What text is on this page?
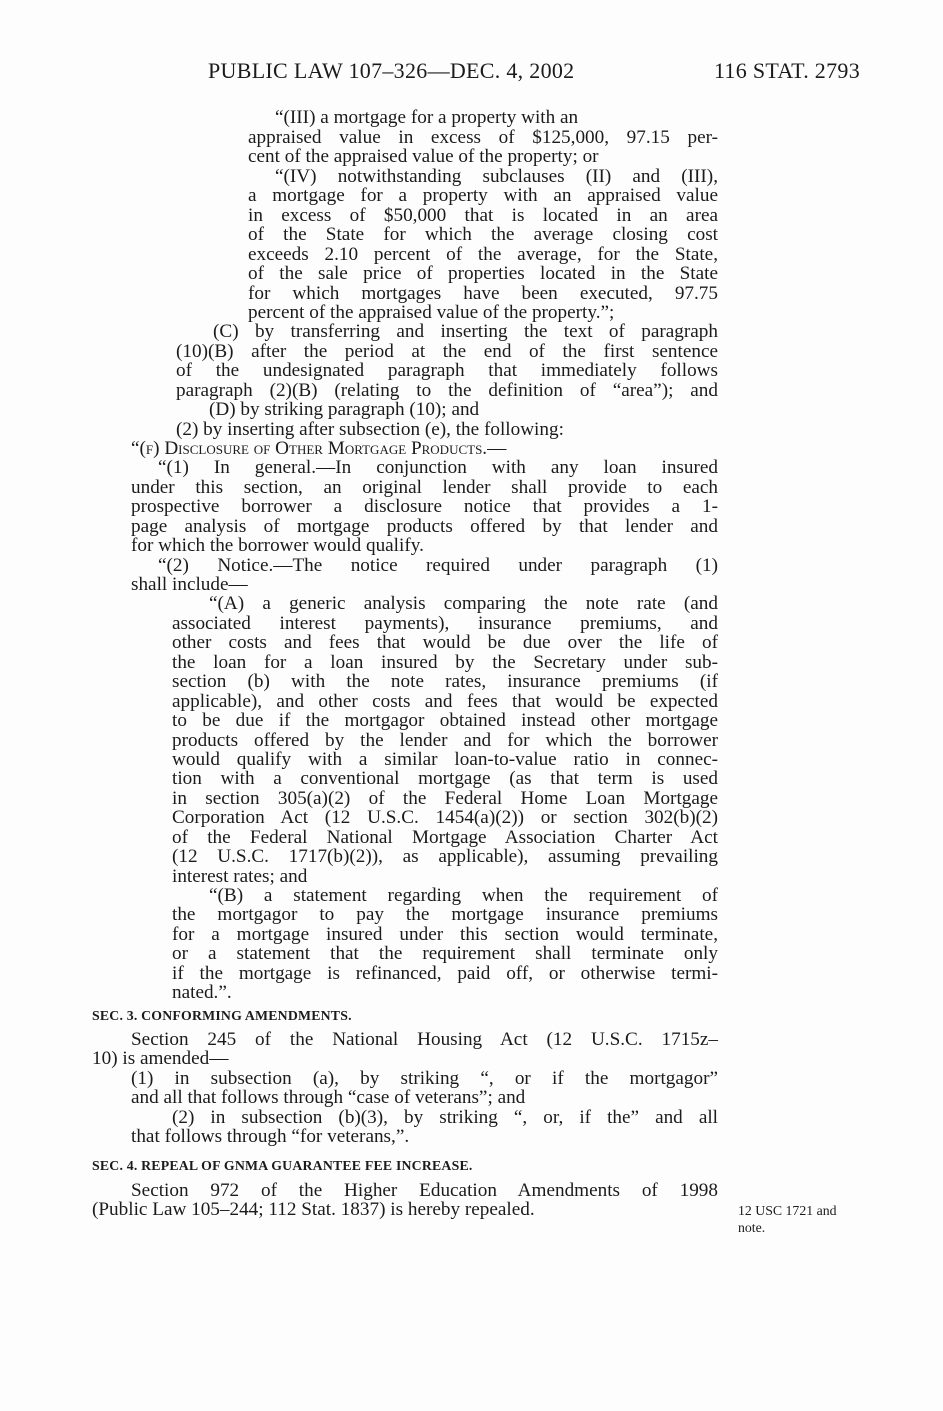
PUBLIC LAW 107–326—DEC. 4, 2002	116 STAT. 2793
“(III) a mortgage for a property with an
appraised value in excess of $125,000, 97.15 per-
cent of the appraised value of the property; or
“(IV) notwithstanding subclauses (II) and (III),
a mortgage for a property with an appraised value
in excess of $50,000 that is located in an area
of the State for which the average closing cost
exceeds 2.10 percent of the average, for the State,
of the sale price of properties located in the State
for which mortgages have been executed, 97.75
percent of the appraised value of the property.”;
(C) by transferring and inserting the text of paragraph
(10)(B) after the period at the end of the first sentence
of the undesignated paragraph that immediately follows
paragraph (2)(B) (relating to the definition of “area”); and
(D) by striking paragraph (10); and
(2) by inserting after subsection (e), the following:
“(f) Disclosure of Other Mortgage Products.—
“(1) In general.—In conjunction with any loan insured
under this section, an original lender shall provide to each
prospective borrower a disclosure notice that provides a 1-
page analysis of mortgage products offered by that lender and
for which the borrower would qualify.
“(2) Notice.—The notice required under paragraph (1)
shall include—
“(A) a generic analysis comparing the note rate (and
associated interest payments), insurance premiums, and
other costs and fees that would be due over the life of
the loan for a loan insured by the Secretary under sub-
section (b) with the note rates, insurance premiums (if
applicable), and other costs and fees that would be expected
to be due if the mortgagor obtained instead other mortgage
products offered by the lender and for which the borrower
would qualify with a similar loan-to-value ratio in connec-
tion with a conventional mortgage (as that term is used
in section 305(a)(2) of the Federal Home Loan Mortgage
Corporation Act (12 U.S.C. 1454(a)(2)) or section 302(b)(2)
of the Federal National Mortgage Association Charter Act
(12 U.S.C. 1717(b)(2)), as applicable), assuming prevailing
interest rates; and
“(B) a statement regarding when the requirement of
the mortgagor to pay the mortgage insurance premiums
for a mortgage insured under this section would terminate,
or a statement that the requirement shall terminate only
if the mortgage is refinanced, paid off, or otherwise termi-
nated.”.
SEC. 3. CONFORMING AMENDMENTS.
Section 245 of the National Housing Act (12 U.S.C. 1715z–
10) is amended—
(1) in subsection (a), by striking “, or if the mortgagor”
and all that follows through “case of veterans”; and
(2) in subsection (b)(3), by striking “, or, if the” and all
that follows through “for veterans,”.
SEC. 4. REPEAL OF GNMA GUARANTEE FEE INCREASE.
Section 972 of the Higher Education Amendments of 1998
(Public Law 105–244; 112 Stat. 1837) is hereby repealed.	12 USC 1721 and
note.
